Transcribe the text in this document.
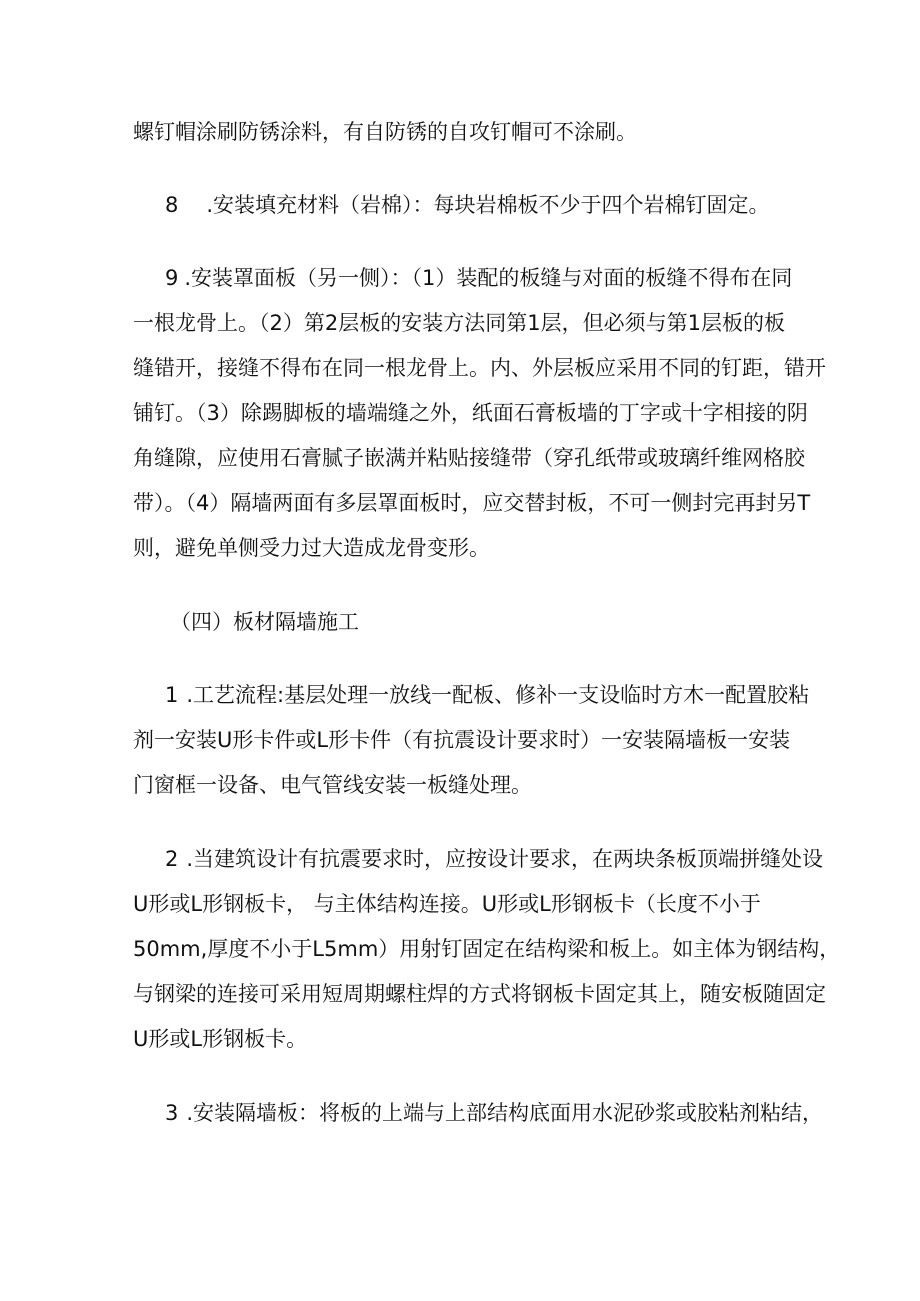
螺钉帽涂刷防锈涂料，有自防锈的自攻钉帽可不涂刷。
8 .安装填充材料（岩棉）：每块岩棉板不少于四个岩棉钉固定。
9 .安装罩面板（另一侧）：（1）装配的板缝与对面的板缝不得布在同
一根龙骨上。（2）第2层板的安装方法同第1层，但必须与第1层板的板
缝错开，接缝不得布在同一根龙骨上。内、外层板应采用不同的钉距，错开
铺钉。（3）除踢脚板的墙端缝之外，纸面石膏板墙的丁字或十字相接的阴
角缝隙，应使用石膏腻子嵌满并粘贴接缝带（穿孔纸带或玻璃纤维网格胶
带）。（4）隔墙两面有多层罩面板时，应交替封板，不可一侧封完再封另T
则，避免单侧受力过大造成龙骨变形。
（四）板材隔墙施工
1 .工艺流程:基层处理一放线一配板、修补一支设临时方木一配置胶粘
剂一安装U形卡件或L形卡件（有抗震设计要求时）一安装隔墙板一安装
门窗框一设备、电气管线安装一板缝处理。
2 .当建筑设计有抗震要求时，应按设计要求，在两块条板顶端拼缝处设
U形或L形钢板卡， 与主体结构连接。U形或L形钢板卡（长度不小于
50mm,厚度不小于L5mm）用射钉固定在结构梁和板上。如主体为钢结构，
与钢梁的连接可采用短周期螺柱焊的方式将钢板卡固定其上，随安板随固定
U形或L形钢板卡。
3 .安装隔墙板：将板的上端与上部结构底面用水泥砂浆或胶粘剂粘结，
